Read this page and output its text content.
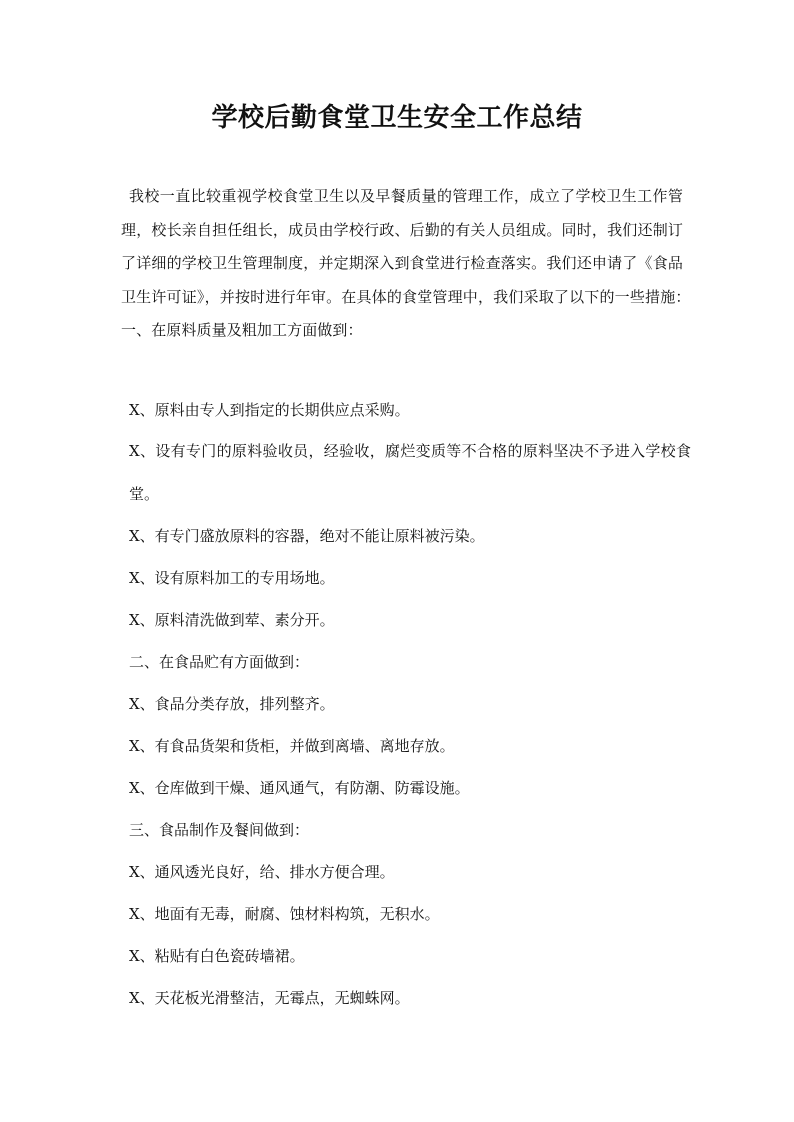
学校后勤食堂卫生安全工作总结
我校一直比较重视学校食堂卫生以及早餐质量的管理工作，成立了学校卫生工作管理，校长亲自担任组长，成员由学校行政、后勤的有关人员组成。同时，我们还制订了详细的学校卫生管理制度，并定期深入到食堂进行检查落实。我们还申请了《食品卫生许可证》，并按时进行年审。在具体的食堂管理中，我们采取了以下的一些措施：　一、在原料质量及粗加工方面做到：
X、原料由专人到指定的长期供应点采购。
X、设有专门的原料验收员，经验收，腐烂变质等不合格的原料坚决不予进入学校食堂。
X、有专门盛放原料的容器，绝对不能让原料被污染。
X、设有原料加工的专用场地。
X、原料清洗做到荤、素分开。
二、在食品贮有方面做到：
X、食品分类存放，排列整齐。
X、有食品货架和货柜，并做到离墙、离地存放。
X、仓库做到干燥、通风通气，有防潮、防霉设施。
三、食品制作及餐间做到：
X、通风透光良好，给、排水方便合理。
X、地面有无毒，耐腐、蚀材料构筑，无积水。
X、粘贴有白色瓷砖墙裙。
X、天花板光滑整洁，无霉点，无蜘蛛网。
